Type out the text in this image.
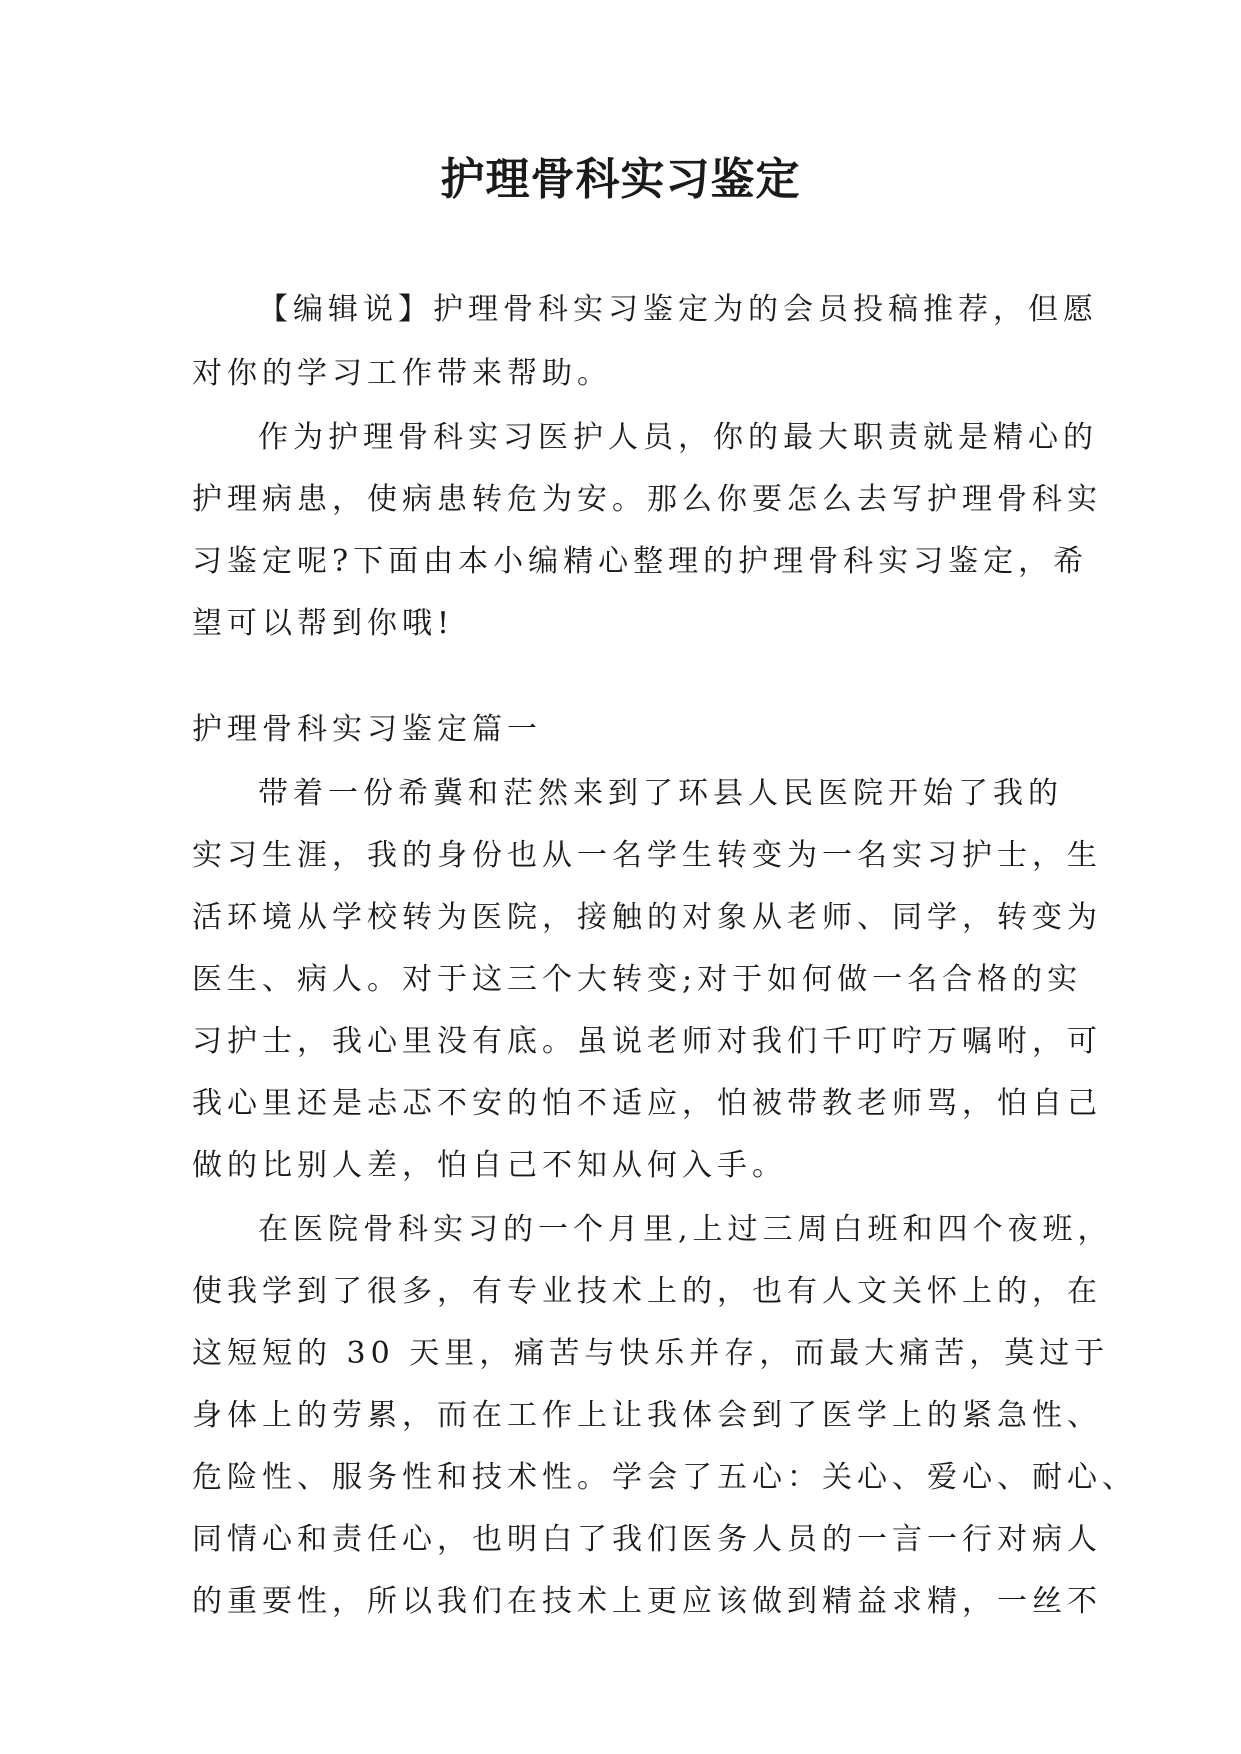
护理骨科实习鉴定
【编辑说】护理骨科实习鉴定为的会员投稿推荐，但愿
对你的学习工作带来帮助。
作为护理骨科实习医护人员，你的最大职责就是精心的
护理病患，使病患转危为安。那么你要怎么去写护理骨科实
习鉴定呢?下面由本小编精心整理的护理骨科实习鉴定，希
望可以帮到你哦!
护理骨科实习鉴定篇一
带着一份希冀和茫然来到了环县人民医院开始了我的
实习生涯，我的身份也从一名学生转变为一名实习护士，生
活环境从学校转为医院，接触的对象从老师、同学，转变为
医生、病人。对于这三个大转变;对于如何做一名合格的实
习护士，我心里没有底。虽说老师对我们千叮咛万嘱咐，可
我心里还是忐忑不安的怕不适应，怕被带教老师骂，怕自己
做的比别人差，怕自己不知从何入手。
在医院骨科实习的一个月里,上过三周白班和四个夜班，
使我学到了很多，有专业技术上的，也有人文关怀上的，在
这短短的 30 天里，痛苦与快乐并存，而最大痛苦，莫过于
身体上的劳累，而在工作上让我体会到了医学上的紧急性、
危险性、服务性和技术性。学会了五心：关心、爱心、耐心、
同情心和责任心，也明白了我们医务人员的一言一行对病人
的重要性，所以我们在技术上更应该做到精益求精，一丝不
